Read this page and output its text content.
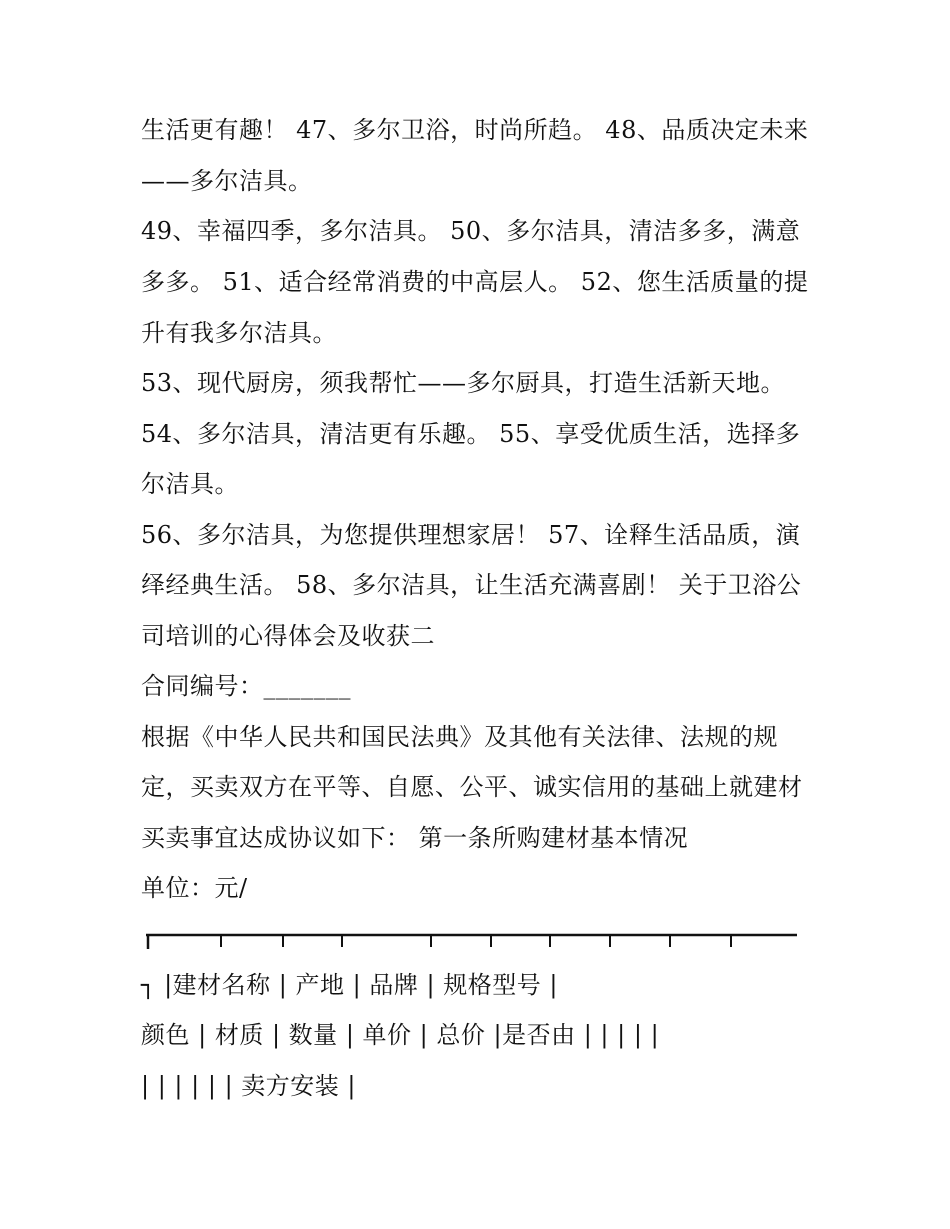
生活更有趣！ 47、多尔卫浴，时尚所趋。 48、品质决定未来
——多尔洁具。
49、幸福四季，多尔洁具。 50、多尔洁具，清洁多多，满意
多多。 51、适合经常消费的中高层人。 52、您生活质量的提
升有我多尔洁具。
53、现代厨房，须我帮忙——多尔厨具，打造生活新天地。
54、多尔洁具，清洁更有乐趣。 55、享受优质生活，选择多
尔洁具。
56、多尔洁具，为您提供理想家居！ 57、诠释生活品质，演
绎经典生活。 58、多尔洁具，让生活充满喜剧！ 关于卫浴公
司培训的心得体会及收获二
合同编号：_______
根据《中华人民共和国民法典》及其他有关法律、法规的规
定，买卖双方在平等、自愿、公平、诚实信用的基础上就建材
买卖事宜达成协议如下： 第一条所购建材基本情况
单位：元/
┐ |建材名称 | 产地 | 品牌 | 规格型号 |
颜色 | 材质 | 数量 | 单价 | 总价 |是否由 | | | | |
| | | | | | 卖方安装 |
